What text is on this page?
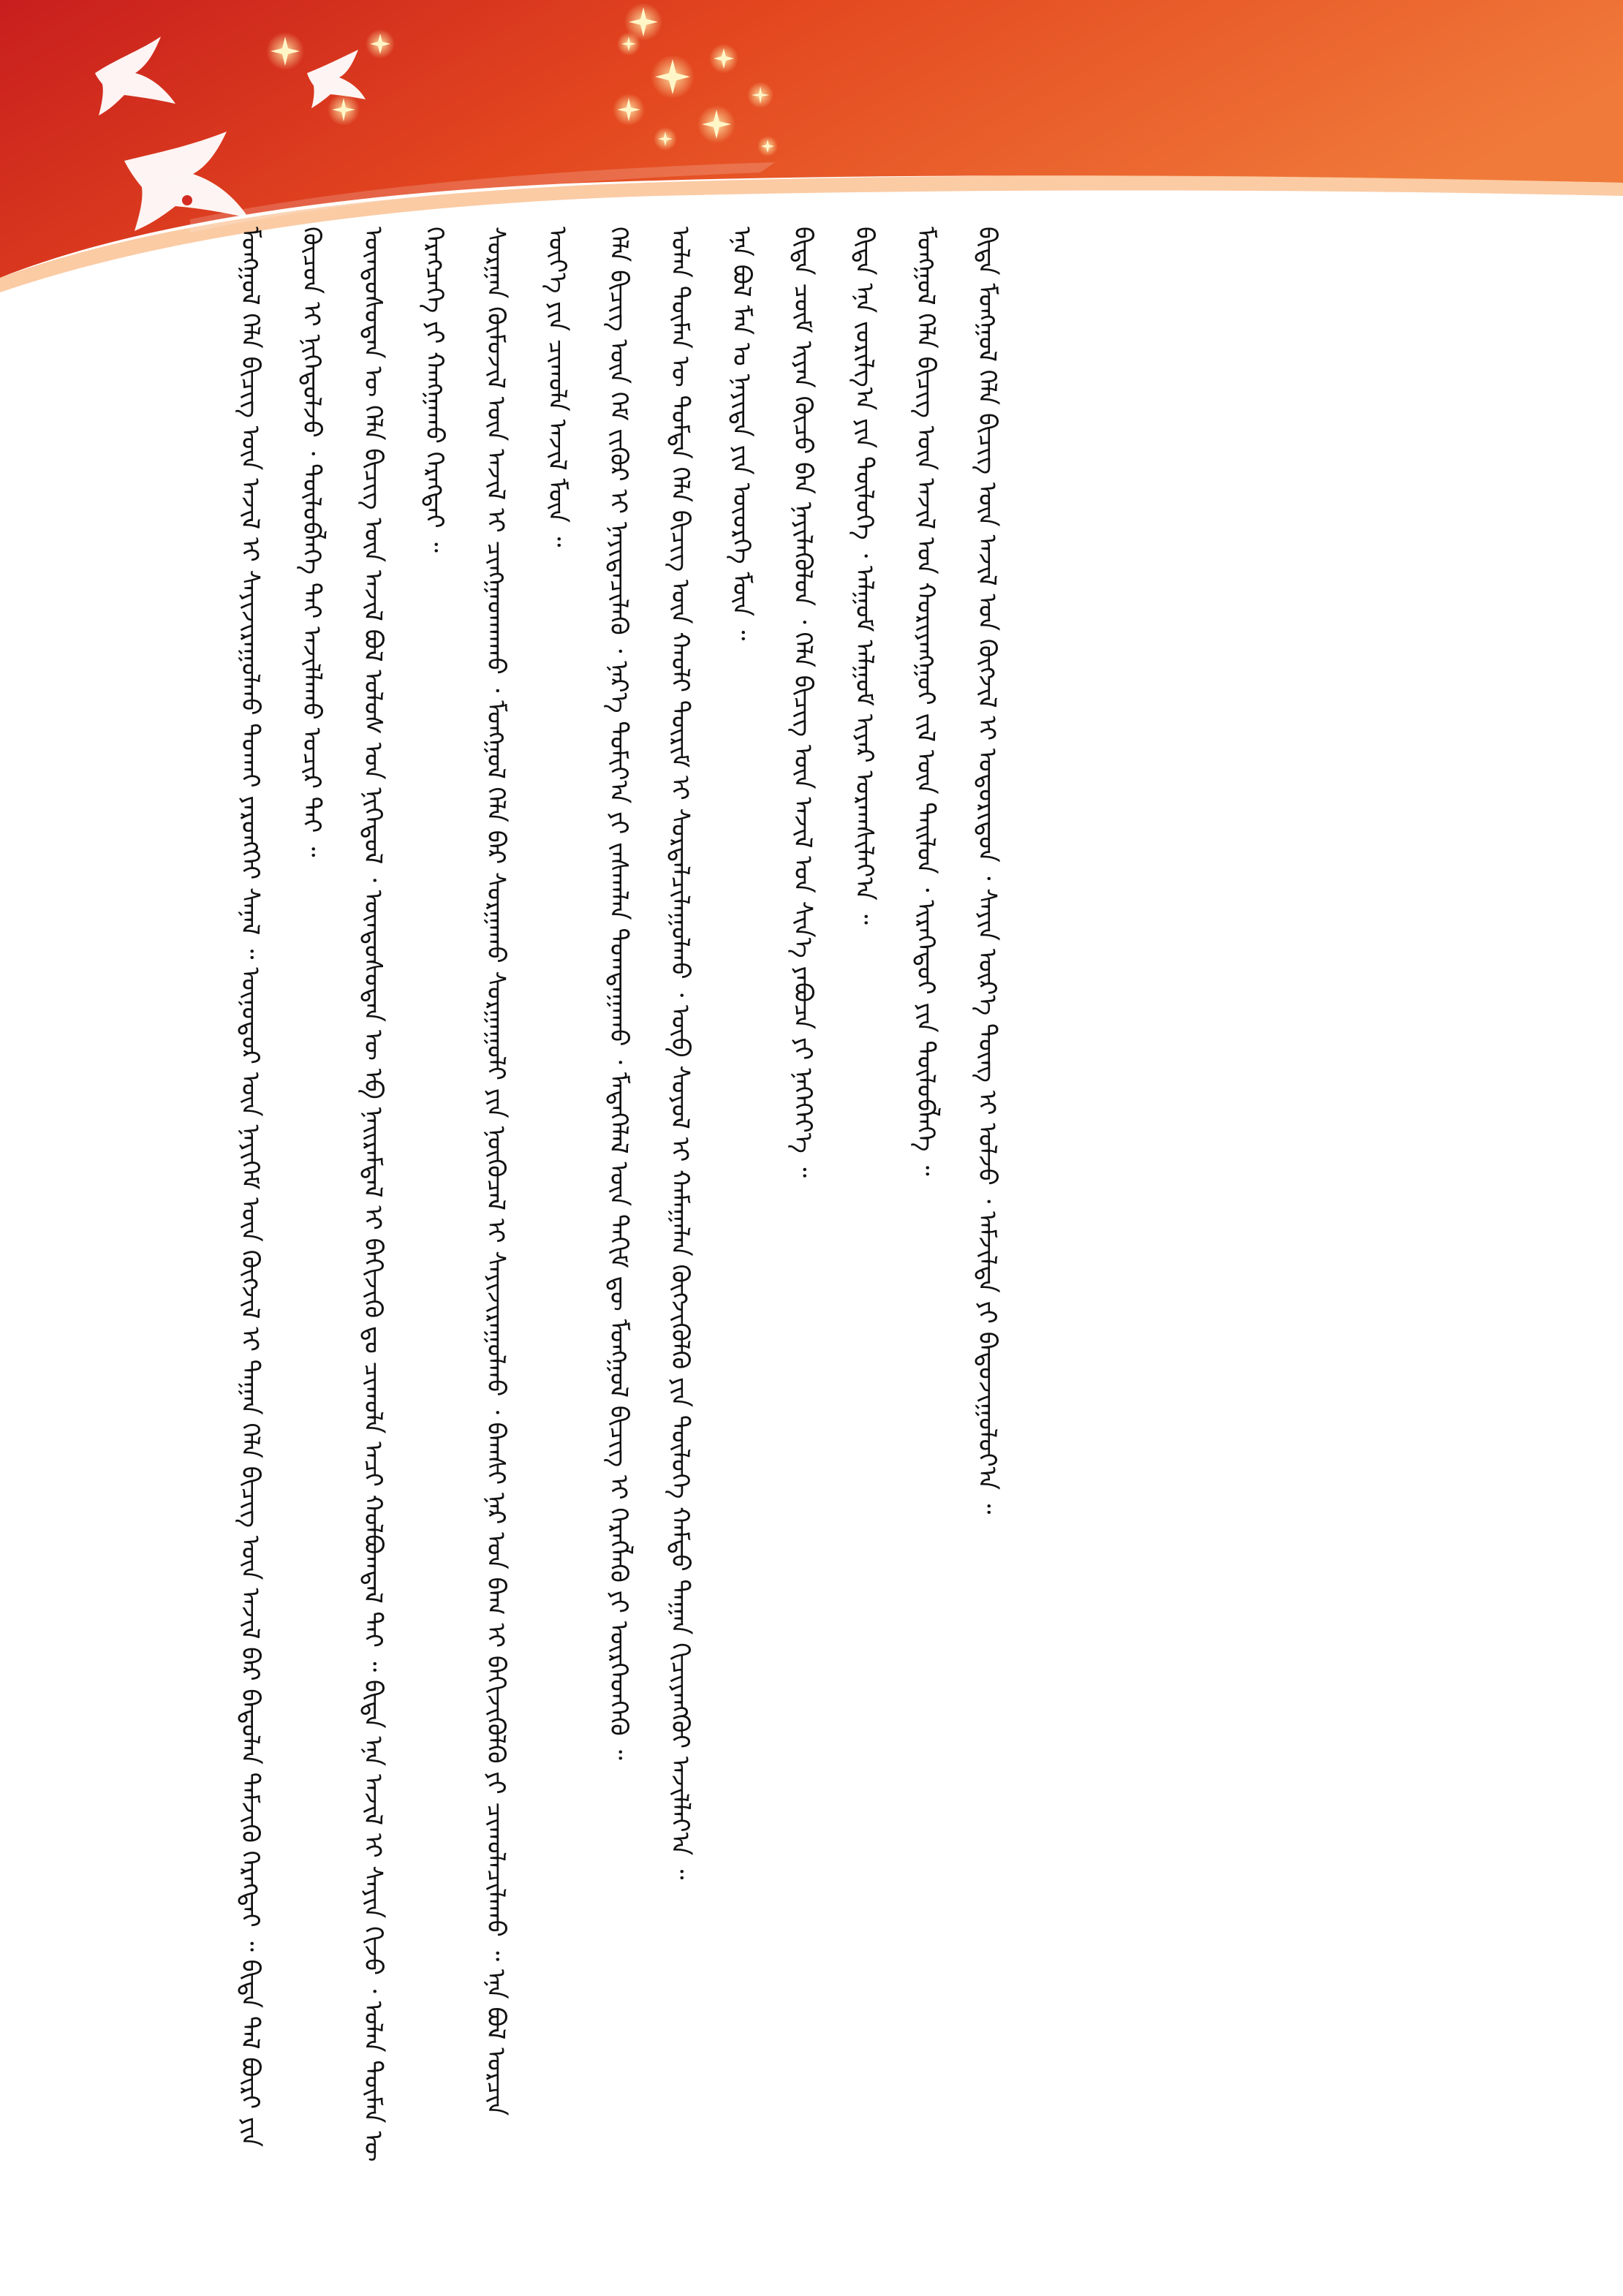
ᠮᠣᠩᠭᠣᠯ ᠬᠡᠯᠡ ᠪᠢᠴᠢᠭ ᠦᠨ ᠠᠵᠢᠯ ᠢ ᠰᠠᠶᠢᠵᠢᠷᠠᠭᠤᠯᠬᠤ ᠲᠤᠬᠠᠢ ᠶᠡᠷᠦᠩᠬᠡᠢ ᠰᠠᠨᠠᠯ ᠃ ᠥᠨᠥᠳᠥᠷ ᠦᠨ ᠨᠡᠶᠢᠭᠡᠮ ᠦᠨ ᠬᠥᠭᠵᠢᠯ ᠢ ᠳᠠᠭᠠᠨ ᠬᠡᠯᠡ ᠪᠢᠴᠢᠭ ᠦᠨ ᠠᠵᠢᠯ ᠪᠠᠷ ᠪᠠᠲᠤᠯᠠᠨ ᠳᠡᠮᠵᠢᠬᠦ ᠬᠡᠷᠡᠭᠲᠡᠢ ᠃ ᠪᠢᠳᠡ ᠲᠠᠯ ᠪᠦᠷᠢ ᠶᠢᠨ ᠬᠦᠴᠦᠨ ᠢ ᠨᠢᠭᠡᠳᠦᠯᠵᠦ ᠂ ᠲᠥᠯᠥᠪᠯᠡᠭᠡ ᠲᠡᠢ ᠠᠵᠢᠯᠯᠠᠬᠤ ᠤᠴᠢᠷ ᠲᠠᠢ ᠃	ᠦᠨᠳᠦᠰᠦᠲᠡᠨ ᠦ ᠬᠡᠯᠡ ᠪᠢᠴᠢᠭ ᠦᠨ ᠠᠵᠢᠯ ᠪᠣᠯ ᠤᠯᠤᠰ ᠤᠨ ᠨᠢᠭᠡᠳᠦᠯ ᠂ ᠦᠨᠳᠦᠰᠦᠲᠡᠨ ᠦ ᠡᠪ ᠨᠠᠢᠷᠠᠮᠳᠠᠯ ᠢ ᠪᠡᠬᠢᠵᠢᠬᠦ ᠳᠤ ᠴᠢᠬᠤᠯᠠ ᠠᠴᠢ ᠬᠣᠯᠪᠣᠭᠳᠠᠯ ᠲᠠᠢ ᠃ ᠪᠢᠳᠡ ᠡᠨᠡ ᠠᠵᠢᠯ ᠢ ᠰᠠᠶᠢᠨ ᠬᠢᠵᠦ ᠂ ᠣᠯᠠᠨ ᠲᠦᠮᠡᠨ ᠦ ᠬᠡᠷᠡᠭᠴᠡᠭᠡ ᠶᠢ ᠬᠠᠩᠭᠠᠬᠤ ᠬᠡᠷᠡᠭᠲᠡᠢ ᠃	ᠰᠤᠷᠭᠠᠨ ᠬᠦᠮᠦᠵᠢᠯ ᠦᠨ ᠠᠵᠢᠯ ᠢ ᠴᠢᠩᠭᠠᠳᠬᠠᠬᠤ ᠂ ᠮᠣᠩᠭᠣᠯ ᠬᠡᠯᠡ ᠪᠡᠷ ᠰᠤᠷᠭᠠᠬᠤ ᠰᠤᠷᠭᠠᠭᠤᠯᠢ ᠶᠢᠨ ᠨᠥᠭᠦᠴᠡᠯ ᠢ ᠰᠠᠶᠢᠵᠢᠷᠠᠭᠤᠯᠬᠤ ᠂ ᠪᠠᠭᠰᠢ ᠨᠠᠷ ᠤᠨ ᠪᠠᠭ ᠢ ᠪᠡᠬᠢᠵᠢᠭᠦᠯᠬᠦ ᠶᠢ ᠴᠢᠬᠤᠯᠠᠴᠢᠯᠠᠬᠤ ᠃ ᠡᠨᠡ ᠪᠣᠯ ᠣᠷᠴᠢᠨ ᠦᠶ᠎ᠡ ᠶᠢᠨ ᠴᠢᠬᠤᠯᠠ ᠠᠵᠢᠯ ᠮᠥᠨ ᠃	ᠬᠡᠯᠡ ᠪᠢᠴᠢᠭ ᠦᠨ ᠬᠡᠮ ᠵᠢᠭᠦᠷ ᠢ ᠨᠡᠶᠢᠲᠡᠴᠢᠯᠡᠬᠦ ᠂ ᠨᠡᠷ᠎ᠡ ᠲᠣᠮᠢᠶ᠎ᠠ ᠶᠢ ᠵᠠᠰᠠᠭᠯᠠᠨ ᠲᠣᠭᠲᠠᠭᠠᠬᠤ ᠂ ᠮᠡᠳᠡᠭᠡᠯᠡᠯ ᠦᠨ ᠲᠠᠬᠢᠮ ᠳᠦ ᠮᠣᠩᠭᠣᠯ ᠪᠢᠴᠢᠭ ᠢ ᠬᠡᠷᠡᠭᠯᠡᠬᠦ ᠶᠢ ᠥᠷᠭᠡᠳᠬᠡᠬᠦ ᠃	ᠣᠯᠠᠨ ᠲᠦᠮᠡᠨ ᠦ ᠳᠤᠮᠳᠠ ᠬᠡᠯᠡ ᠪᠢᠴᠢᠭ ᠦᠨ ᠬᠠᠤᠯᠢ ᠳᠦᠷᠢᠮ ᠢ ᠰᠤᠷᠲᠠᠯᠴᠢᠯᠠᠭᠤᠯᠬᠤ ᠂ ᠥᠪ ᠰᠣᠶᠣᠯ ᠢ ᠬᠠᠮᠠᠭᠠᠯᠠᠨ ᠬᠥᠭᠵᠢᠭᠦᠯᠬᠦ ᠶᠢᠨ ᠲᠥᠯᠥᠭᠡ ᠬᠠᠮᠲᠤ ᠳᠠᠭᠠᠨ ᠬᠢᠴᠢᠶᠡᠩᠭᠦᠢ ᠠᠵᠢᠯᠯᠠᠶ᠎ᠠ ᠃	ᠡᠨᠡ ᠪᠣᠯ ᠮᠠᠨ ᠤ ᠨᠡᠶᠢᠲᠡ ᠶᠢᠨ ᠦᠦᠷᠭᠡ ᠮᠥᠨ ᠃	ᠪᠢᠳᠡ ᠴᠥᠮ ᠢᠶᠡᠨ ᠬᠦᠴᠦ ᠪᠡᠨ ᠨᠡᠶᠢᠯᠡᠭᠦᠯᠦᠨ ᠂ ᠬᠡᠯᠡ ᠪᠢᠴᠢᠭ ᠦᠨ ᠠᠵᠢᠯ ᠤᠨ ᠰᠢᠨ᠎ᠡ ᠶᠠᠪᠤᠴᠠ ᠶᠢ ᠨᠡᠭᠡᠭᠡᠶ᠎ᠡ ᠃	ᠪᠢᠳᠡ ᠡᠨᠡ ᠵᠣᠷᠢᠯᠭ᠎ᠠ ᠶᠢᠨ ᠲᠦᠯᠦᠭᠡ ᠂ ᠠᠯᠭᠤᠮ ᠠᠯᠭᠤᠮ ᠢᠶᠠᠷ ᠤᠷᠠᠭᠰᠢᠯᠠᠶ᠎ᠠ ᠃	ᠮᠣᠩᠭᠣᠯ ᠬᠡᠯᠡ ᠪᠢᠴᠢᠭ ᠦᠨ ᠠᠵᠢᠯ ᠤᠨ ᠬᠣᠷᠢᠶᠠᠩᠭᠤᠢ ᠵᠢᠯ ᠦᠨ ᠲᠠᠢᠯᠤᠨ ᠂ ᠢᠷᠡᠭᠡᠳᠦᠢ ᠶᠢᠨ ᠲᠥᠯᠥᠪᠯᠡᠭᠡ ᠃	ᠪᠢᠳᠡ ᠮᠣᠩᠭᠣᠯ ᠬᠡᠯᠡ ᠪᠢᠴᠢᠭ ᠦᠨ ᠠᠵᠢᠯ ᠤᠨ ᠬᠥᠭᠵᠢᠯ ᠢ ᠤᠳᠤᠷᠢᠳᠤᠨ ᠂ ᠰᠠᠶᠢᠨ ᠦᠷ᠎ᠡ ᠳᠦᠩ ᠢ ᠣᠯᠵᠤ ᠂ ᠠᠮᠵᠢᠯᠲᠠ ᠶᠢ ᠪᠠᠲᠤᠵᠢᠭᠤᠯᠤᠶ᠎ᠠ ᠃
